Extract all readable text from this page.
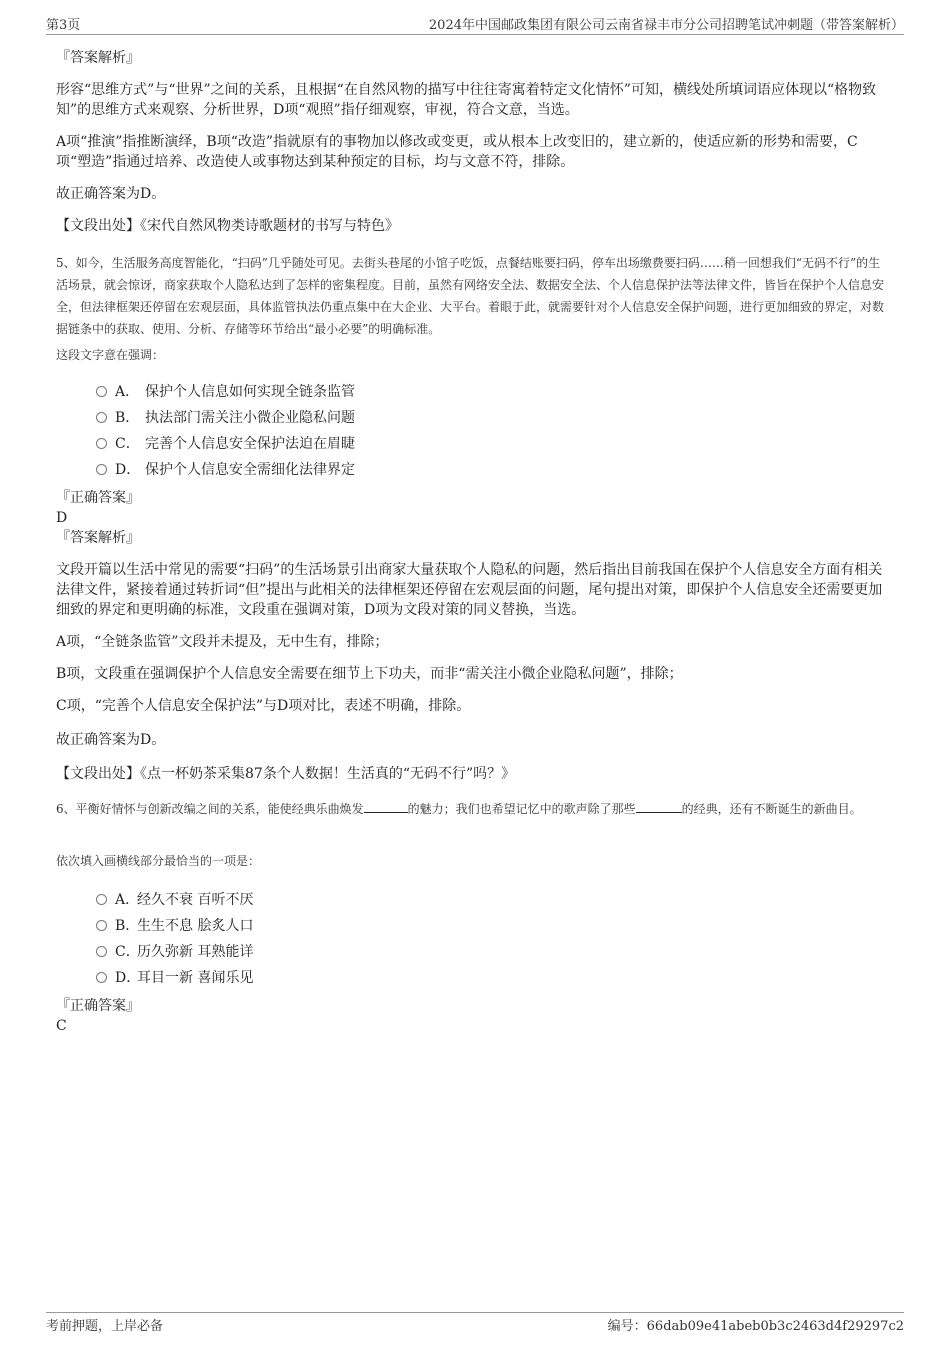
第3页	2024年中国邮政集团有限公司云南省禄丰市分公司招聘笔试冲刺题（带答案解析）
『答案解析』
形容“思维方式”与“世界”之间的关系，且根据“在自然风物的描写中往往寄寓着特定文化情怀”可知，横线处所填词语应体现以“格物致知”的思维方式来观察、分析世界，D项“观照”指仔细观察，审视，符合文意，当选。
A项“推演”指推断演绎，B项“改造”指就原有的事物加以修改或变更，或从根本上改变旧的，建立新的，使适应新的形势和需要，C项“塑造”指通过培养、改造使人或事物达到某种预定的目标，均与文意不符，排除。
故正确答案为D。
【文段出处】《宋代自然风物类诗歌题材的书写与特色》
5、如今，生活服务高度智能化，“扫码”几乎随处可见。去街头巷尾的小馆子吃饭，点餐结账要扫码，停车出场缴费要扫码……稍一回想我们“无码不行”的生活场景，就会惊讶，商家获取个人隐私达到了怎样的密集程度。目前，虽然有网络安全法、数据安全法、个人信息保护法等法律文件，皆旨在保护个人信息安全，但法律框架还停留在宏观层面，具体监管执法仍重点集中在大企业、大平台。着眼于此，就需要针对个人信息安全保护问题，进行更加细致的界定，对数据链条中的获取、使用、分析、存储等环节给出“最小必要”的明确标准。
这段文字意在强调：
A． 保护个人信息如何实现全链条监管
B． 执法部门需关注小微企业隐私问题
C． 完善个人信息安全保护法迫在眉睫
D． 保护个人信息安全需细化法律界定
『正确答案』
D
『答案解析』
文段开篇以生活中常见的需要“扫码”的生活场景引出商家大量获取个人隐私的问题，然后指出目前我国在保护个人信息安全方面有相关法律文件，紧接着通过转折词“但”提出与此相关的法律框架还停留在宏观层面的问题，尾句提出对策，即保护个人信息安全还需要更加细致的界定和更明确的标准，文段重在强调对策，D项为文段对策的同义替换，当选。
A项，“全链条监管”文段并未提及，无中生有，排除；
B项，文段重在强调保护个人信息安全需要在细节上下功夫，而非“需关注小微企业隐私问题”，排除；
C项，“完善个人信息安全保护法”与D项对比，表述不明确，排除。
故正确答案为D。
【文段出处】《点一杯奶茶采集87条个人数据！生活真的“无码不行”吗？》
6、平衡好情怀与创新改编之间的关系，能使经典乐曲焕发	的魅力；我们也希望记忆中的歌声除了那些	的经典，还有不断诞生的新曲目。
依次填入画横线部分最恰当的一项是：
A．经久不衰 百听不厌
B．生生不息 脍炙人口
C．历久弥新 耳熟能详
D．耳目一新 喜闻乐见
『正确答案』
C
考前押题，上岸必备	编号：66dab09e41abeb0b3c2463d4f29297c2
